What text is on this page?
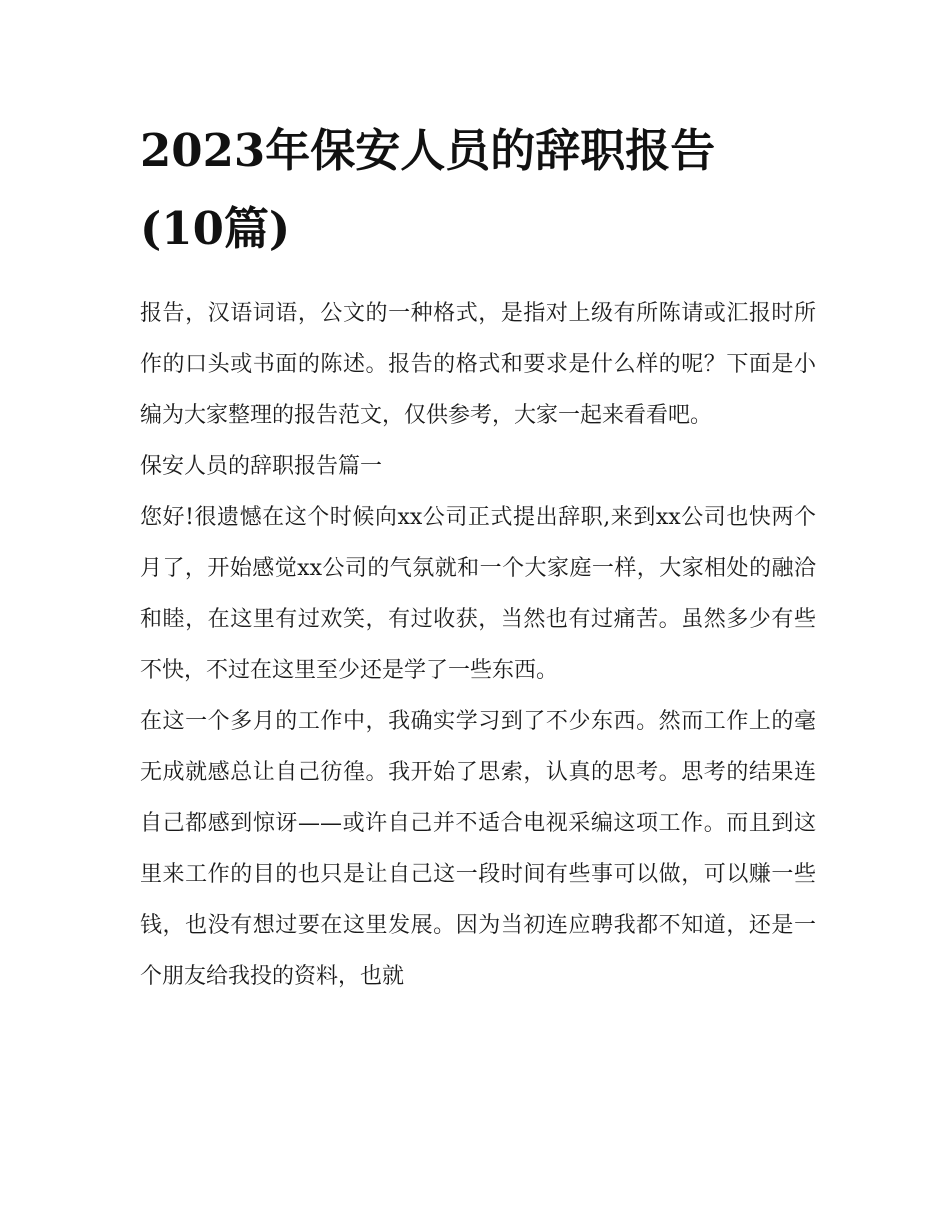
2023年保安人员的辞职报告
(10篇)

报告，汉语词语，公文的一种格式，是指对上级有所陈请或汇报时所作的口头或书面的陈述。报告的格式和要求是什么样的呢？下面是小编为大家整理的报告范文，仅供参考，大家一起来看看吧。

保安人员的辞职报告篇一

您好!很遗憾在这个时候向xx公司正式提出辞职,来到xx公司也快两个月了，开始感觉xx公司的气氛就和一个大家庭一样，大家相处的融洽和睦，在这里有过欢笑，有过收获，当然也有过痛苦。虽然多少有些不快，不过在这里至少还是学了一些东西。

在这一个多月的工作中，我确实学习到了不少东西。然而工作上的毫无成就感总让自己彷徨。我开始了思索，认真的思考。思考的结果连自己都感到惊讶——或许自己并不适合电视采编这项工作。而且到这里来工作的目的也只是让自己这一段时间有些事可以做，可以赚一些钱，也没有想过要在这里发展。因为当初连应聘我都不知道，还是一个朋友给我投的资料，也就
